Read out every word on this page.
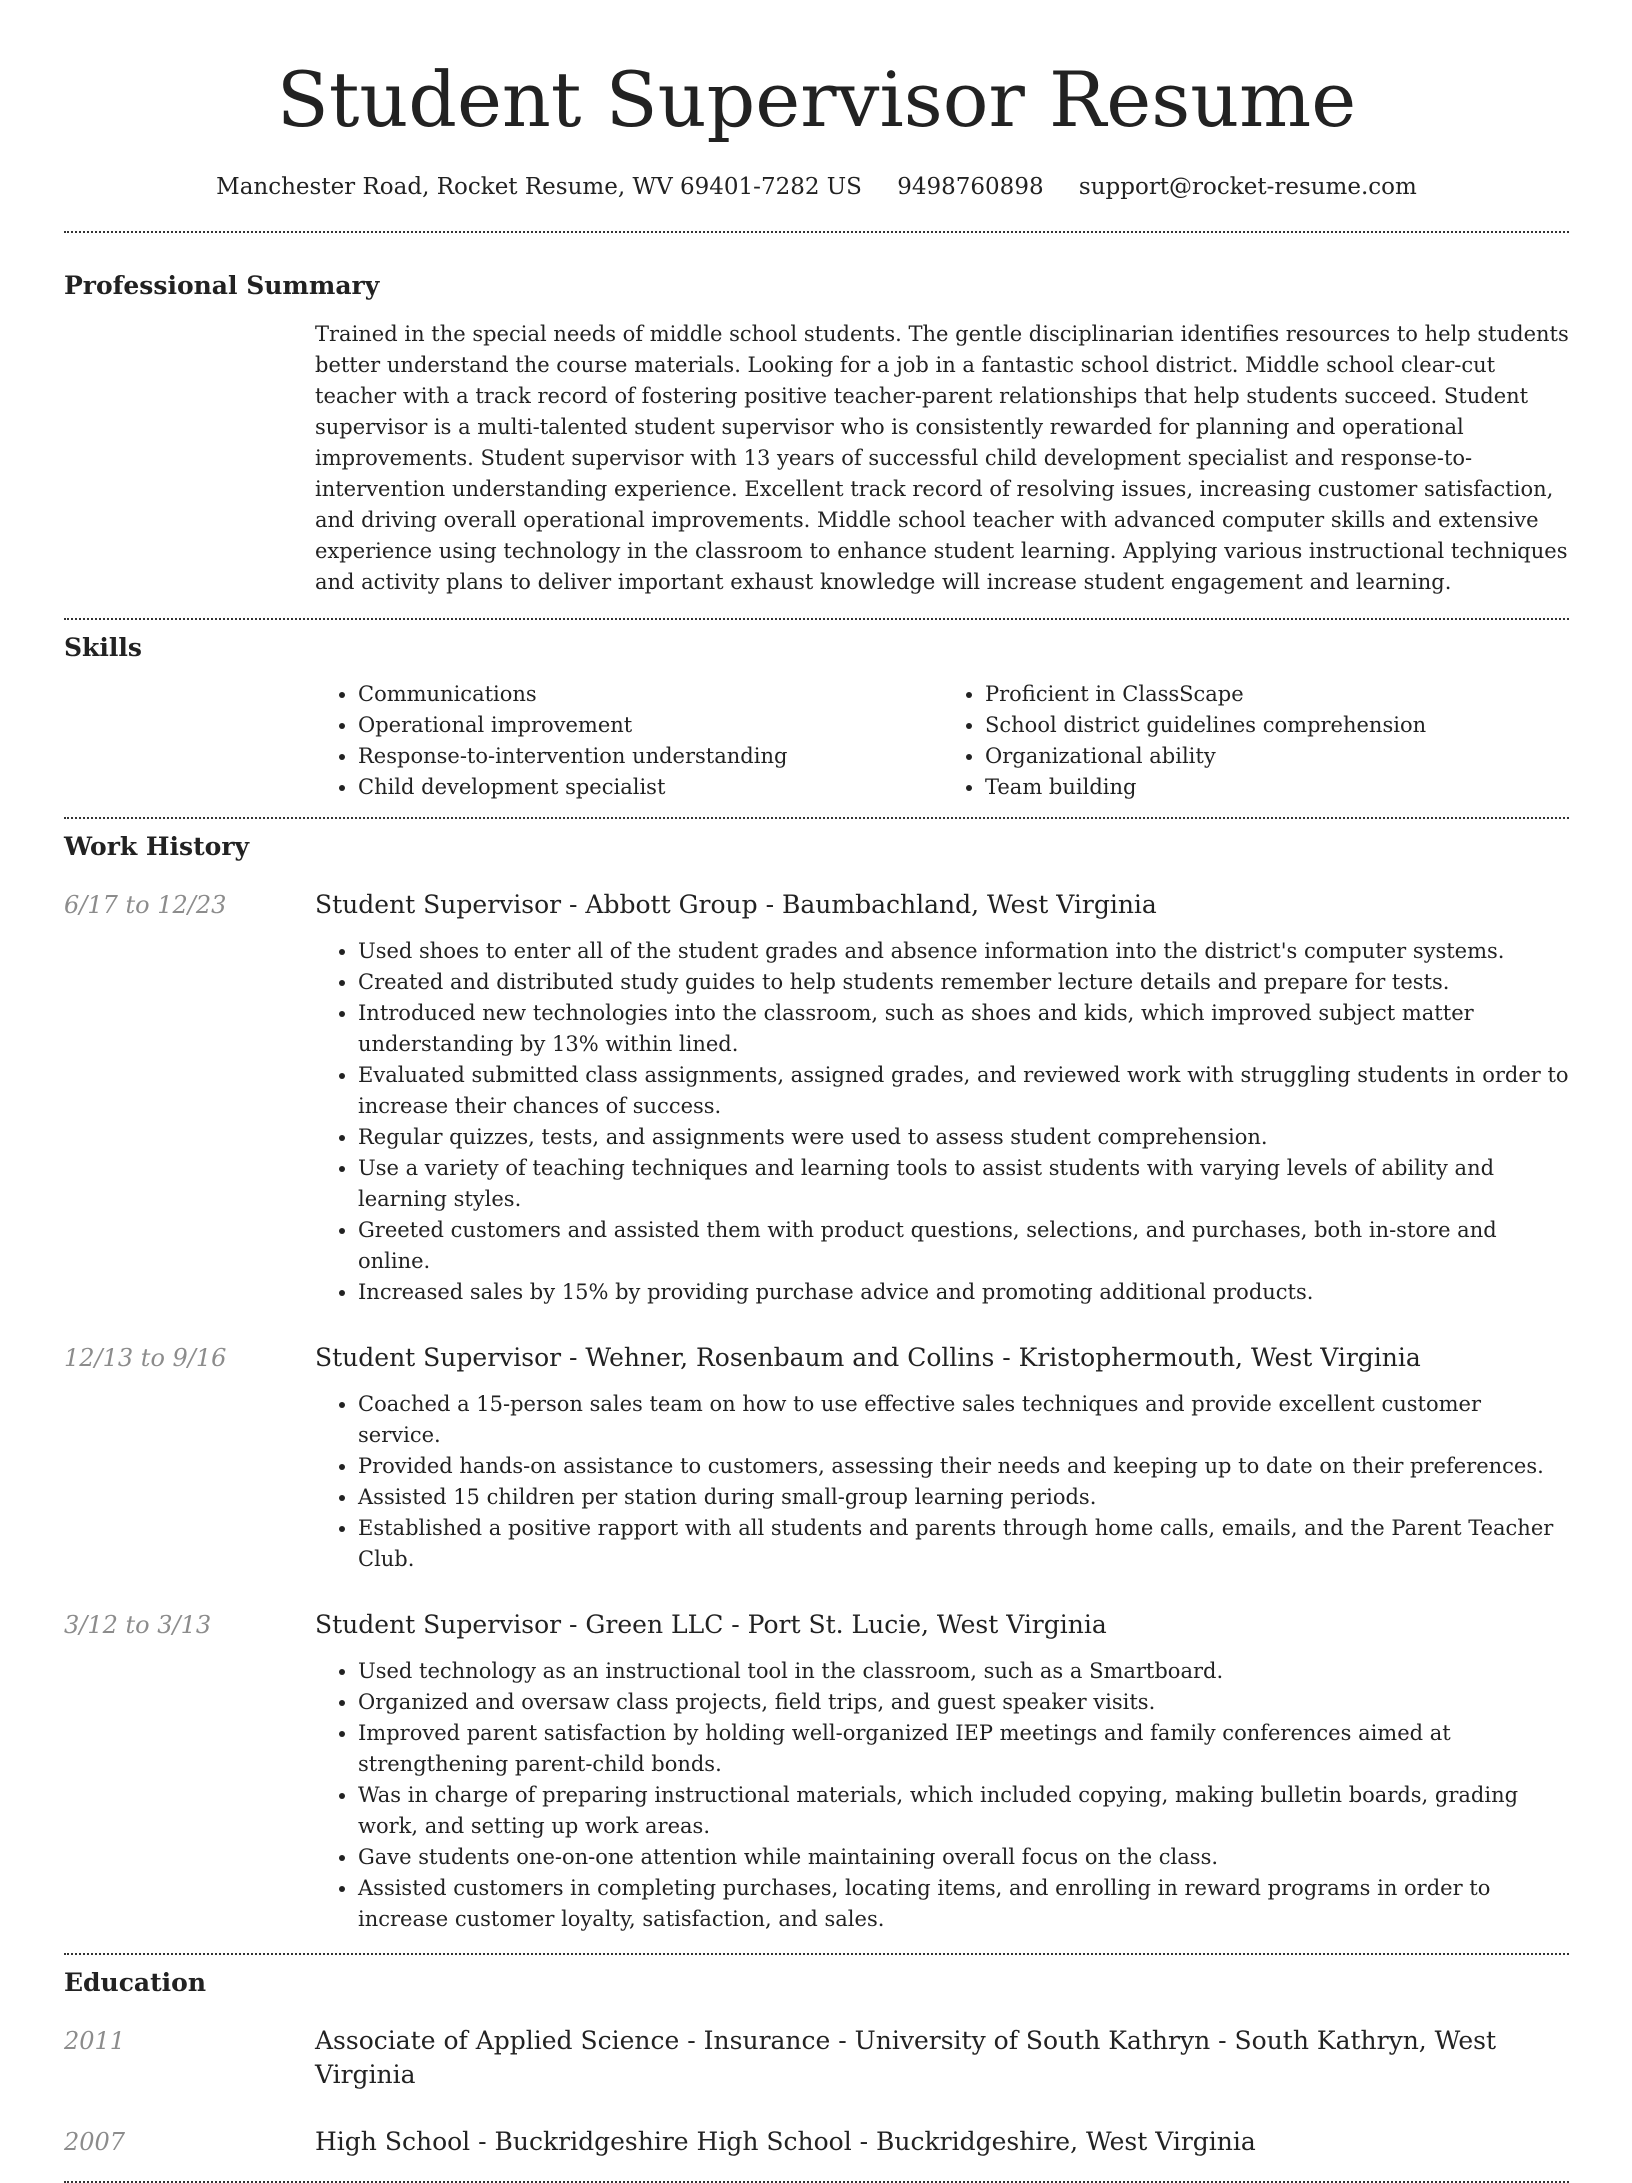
Student Supervisor Resume
Manchester Road, Rocket Resume, WV 69401-7282 US 9498760898 support@rocket-resume.com
Professional Summary

Trained in the special needs of middle school students. The gentle disciplinarian identifies resources to help students better understand the course materials. Looking for a job in a fantastic school district. Middle school clear-cut teacher with a track record of fostering positive teacher-parent relationships that help students succeed. Student supervisor is a multi-talented student supervisor who is consistently rewarded for planning and operational improvements. Student supervisor with 13 years of successful child development specialist and response-to-intervention understanding experience. Excellent track record of resolving issues, increasing customer satisfaction, and driving overall operational improvements. Middle school teacher with advanced computer skills and extensive experience using technology in the classroom to enhance student learning. Applying various instructional techniques and activity plans to deliver important exhaust knowledge will increase student engagement and learning.

Skills
• Communications
• Operational improvement
• Response-to-intervention understanding
• Child development specialist
• Proficient in ClassScape
• School district guidelines comprehension
• Organizational ability
• Team building
Work History
6/17 to 12/23	Student Supervisor - Abbott Group - Baumbachland, West Virginia
• Used shoes to enter all of the student grades and absence information into the district's computer systems.
• Created and distributed study guides to help students remember lecture details and prepare for tests.
• Introduced new technologies into the classroom, such as shoes and kids, which improved subject matter understanding by 13% within lined.
• Evaluated submitted class assignments, assigned grades, and reviewed work with struggling students in order to increase their chances of success.
• Regular quizzes, tests, and assignments were used to assess student comprehension.
• Use a variety of teaching techniques and learning tools to assist students with varying levels of ability and learning styles.
• Greeted customers and assisted them with product questions, selections, and purchases, both in-store and online.
• Increased sales by 15% by providing purchase advice and promoting additional products.
12/13 to 9/16	Student Supervisor - Wehner, Rosenbaum and Collins - Kristophermouth, West Virginia
• Coached a 15-person sales team on how to use effective sales techniques and provide excellent customer service.
• Provided hands-on assistance to customers, assessing their needs and keeping up to date on their preferences.
• Assisted 15 children per station during small-group learning periods.
• Established a positive rapport with all students and parents through home calls, emails, and the Parent Teacher Club.
3/12 to 3/13	Student Supervisor - Green LLC - Port St. Lucie, West Virginia
• Used technology as an instructional tool in the classroom, such as a Smartboard.
• Organized and oversaw class projects, field trips, and guest speaker visits.
• Improved parent satisfaction by holding well-organized IEP meetings and family conferences aimed at strengthening parent-child bonds.
• Was in charge of preparing instructional materials, which included copying, making bulletin boards, grading work, and setting up work areas.
• Gave students one-on-one attention while maintaining overall focus on the class.
• Assisted customers in completing purchases, locating items, and enrolling in reward programs in order to increase customer loyalty, satisfaction, and sales.
Education
2011	Associate of Applied Science - Insurance - University of South Kathryn - South Kathryn, West Virginia
2007	High School - Buckridgeshire High School - Buckridgeshire, West Virginia
